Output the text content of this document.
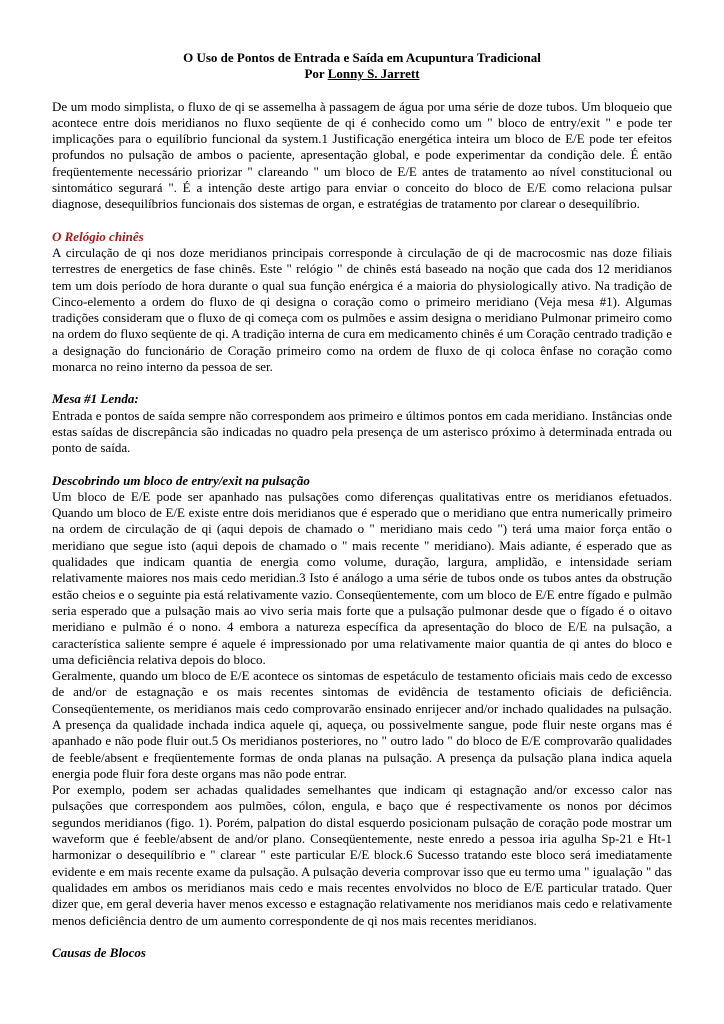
O Uso de Pontos de Entrada e Saída em Acupuntura Tradicional

Por Lonny S. Jarrett

De um modo simplista, o fluxo de qi se assemelha à passagem de água por uma série de doze tubos. Um bloqueio que acontece entre dois meridianos no fluxo seqüente de qi é conhecido como um " bloco de entry/exit " e pode ter implicações para o equilíbrio funcional da system.1 Justificação energética inteira um bloco de E/E pode ter efeitos profundos no pulsação de ambos o paciente, apresentação global, e pode experimentar da condição dele. É então freqüentemente necessário priorizar " clareando " um bloco de E/E antes de tratamento ao nível constitucional ou sintomático segurará ". É a intenção deste artigo para enviar o conceito do bloco de E/E como relaciona pulsar diagnose, desequilíbrios funcionais dos sistemas de organ, e estratégias de tratamento por clarear o desequilíbrio.

O Relógio chinês

A circulação de qi nos doze meridianos principais corresponde à circulação de qi de macrocosmic nas doze filiais terrestres de energetics de fase chinês. Este " relógio " de chinês está baseado na noção que cada dos 12 meridianos tem um dois período de hora durante o qual sua função enérgica é a maioria do physiologically ativo. Na tradição de Cinco-elemento a ordem do fluxo de qi designa o coração como o primeiro meridiano (Veja mesa #1). Algumas tradições consideram que o fluxo de qi começa com os pulmões e assim designa o meridiano Pulmonar primeiro como na ordem do fluxo seqüente de qi. A tradição interna de cura em medicamento chinês é um Coração centrado tradição e a designação do funcionário de Coração primeiro como na ordem de fluxo de qi coloca ênfase no coração como monarca no reino interno da pessoa de ser.

Mesa #1 Lenda:

Entrada e pontos de saída sempre não correspondem aos primeiro e últimos pontos em cada meridiano. Instâncias onde estas saídas de discrepância são indicadas no quadro pela presença de um asterisco próximo à determinada entrada ou ponto de saída.

Descobrindo um bloco de entry/exit na pulsação

Um bloco de E/E pode ser apanhado nas pulsações como diferenças qualitativas entre os meridianos efetuados. Quando um bloco de E/E existe entre dois meridianos que é esperado que o meridiano que entra numerically primeiro na ordem de circulação de qi (aqui depois de chamado o " meridiano mais cedo ") terá uma maior força então o meridiano que segue isto (aqui depois de chamado o " mais recente " meridiano). Mais adiante, é esperado que as qualidades que indicam quantia de energia como volume, duração, largura, amplidão, e intensidade seriam relativamente maiores nos mais cedo meridian.3 Isto é análogo a uma série de tubos onde os tubos antes da obstrução estão cheios e o seguinte pia está relativamente vazio. Conseqüentemente, com um bloco de E/E entre fígado e pulmão seria esperado que a pulsação mais ao vivo seria mais forte que a pulsação pulmonar desde que o fígado é o oitavo meridiano e pulmão é o nono. 4 embora a natureza específica da apresentação do bloco de E/E na pulsação, a característica saliente sempre é aquele é impressionado por uma relativamente maior quantia de qi antes do bloco e uma deficiência relativa depois do bloco.

Geralmente, quando um bloco de E/E acontece os sintomas de espetáculo de testamento oficiais mais cedo de excesso de and/or de estagnação e os mais recentes sintomas de evidência de testamento oficiais de deficiência. Conseqüentemente, os meridianos mais cedo comprovarão ensinado enrijecer and/or inchado qualidades na pulsação. A presença da qualidade inchada indica aquele qi, aqueça, ou possivelmente sangue, pode fluir neste organs mas é apanhado e não pode fluir out.5 Os meridianos posteriores, no " outro lado " do bloco de E/E comprovarão qualidades de feeble/absent e freqüentemente formas de onda planas na pulsação. A presença da pulsação plana indica aquela energia pode fluir fora deste organs mas não pode entrar.

Por exemplo, podem ser achadas qualidades semelhantes que indicam qi estagnação and/or excesso calor nas pulsações que correspondem aos pulmões, cólon, engula, e baço que é respectivamente os nonos por décimos segundos meridianos (figo. 1). Porém, palpation do distal esquerdo posicionam pulsação de coração pode mostrar um waveform que é feeble/absent de and/or plano. Conseqüentemente, neste enredo a pessoa iria agulha Sp-21 e Ht-1 harmonizar o desequilíbrio e " clarear " este particular E/E block.6 Sucesso tratando este bloco será imediatamente evidente e em mais recente exame da pulsação. A pulsação deveria comprovar isso que eu termo uma " igualação " das qualidades em ambos os meridianos mais cedo e mais recentes envolvidos no bloco de E/E particular tratado. Quer dizer que, em geral deveria haver menos excesso e estagnação relativamente nos meridianos mais cedo e relativamente menos deficiência dentro de um aumento correspondente de qi nos mais recentes meridianos.

Causas de Blocos
